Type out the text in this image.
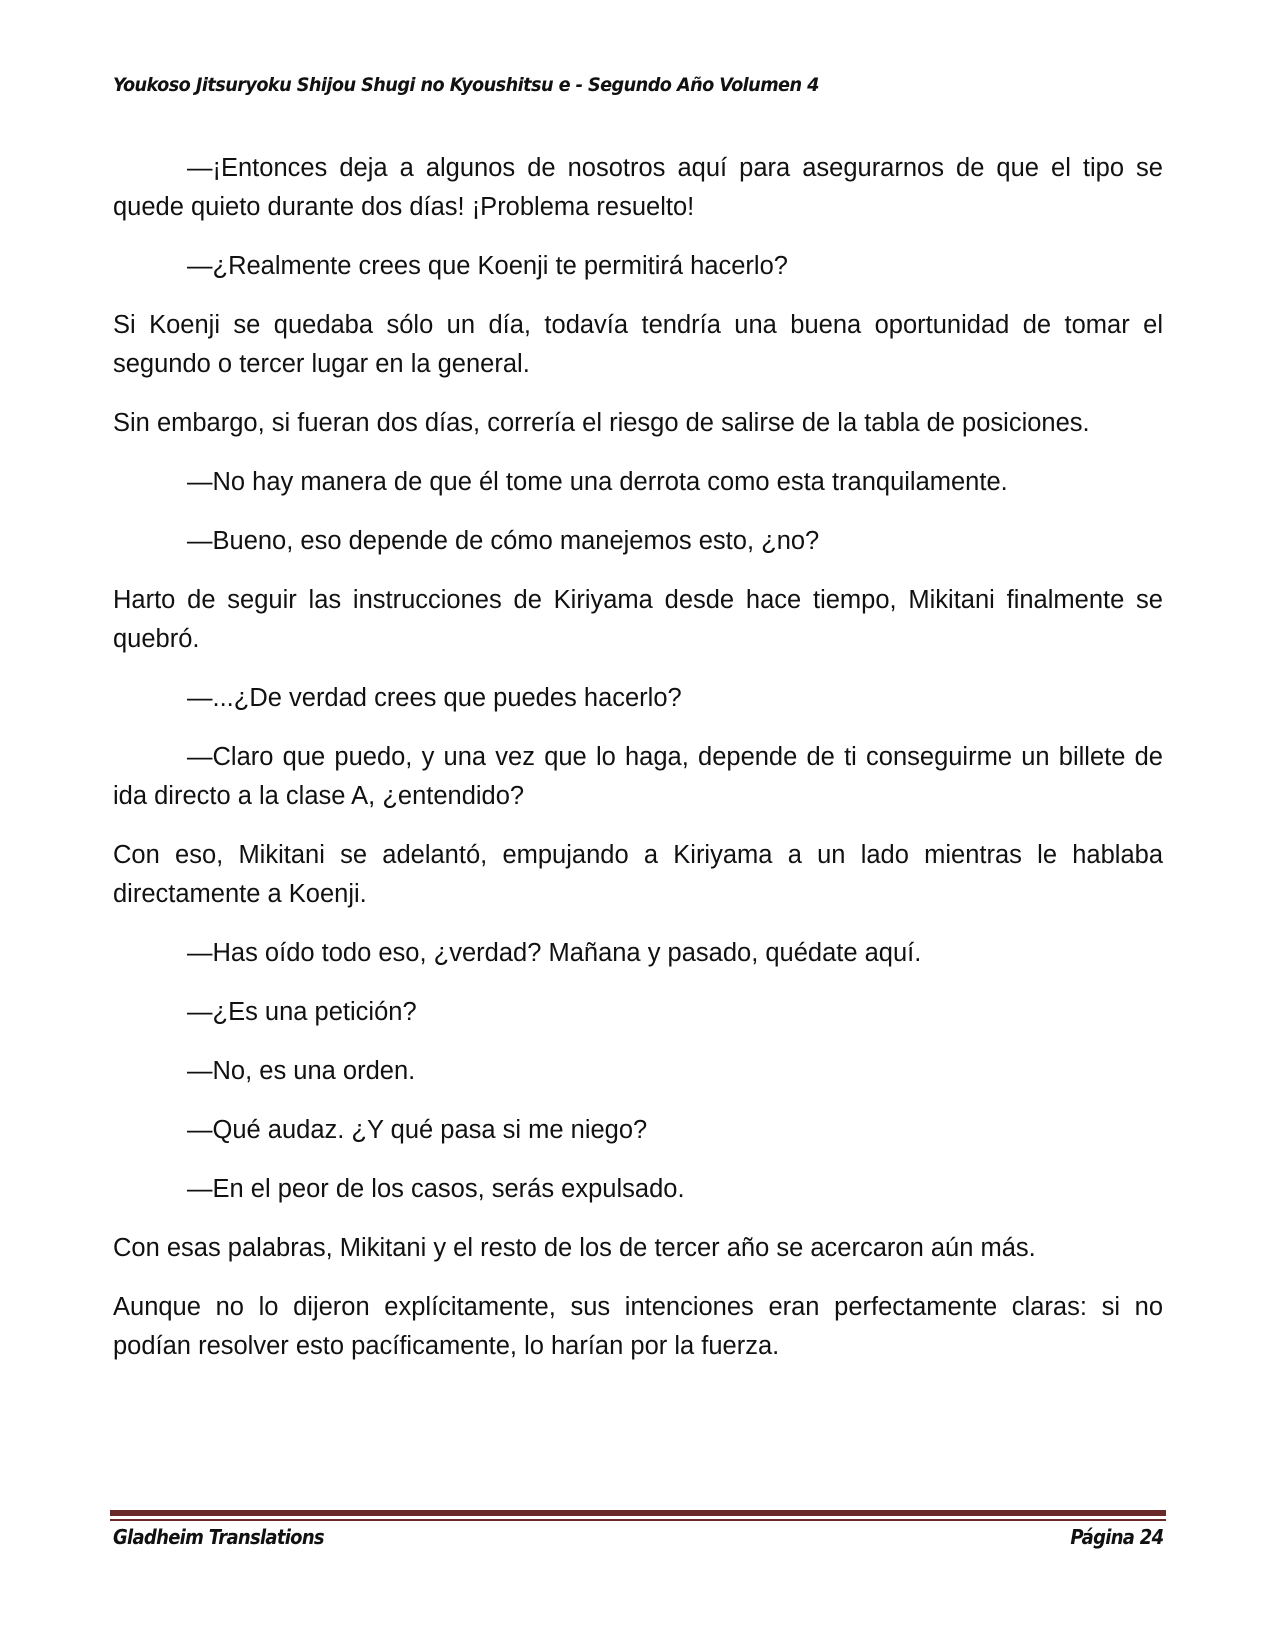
Youkoso Jitsuryoku Shijou Shugi no Kyoushitsu e - Segundo Año Volumen 4

—¡Entonces deja a algunos de nosotros aquí para asegurarnos de que el tipo se quede quieto durante dos días! ¡Problema resuelto!

—¿Realmente crees que Koenji te permitirá hacerlo?

Si Koenji se quedaba sólo un día, todavía tendría una buena oportunidad de tomar el segundo o tercer lugar en la general.

Sin embargo, si fueran dos días, correría el riesgo de salirse de la tabla de posiciones.

—No hay manera de que él tome una derrota como esta tranquilamente.

—Bueno, eso depende de cómo manejemos esto, ¿no?

Harto de seguir las instrucciones de Kiriyama desde hace tiempo, Mikitani finalmente se quebró.

—...¿De verdad crees que puedes hacerlo?

—Claro que puedo, y una vez que lo haga, depende de ti conseguirme un billete de ida directo a la clase A, ¿entendido?

Con eso, Mikitani se adelantó, empujando a Kiriyama a un lado mientras le hablaba directamente a Koenji.

—Has oído todo eso, ¿verdad? Mañana y pasado, quédate aquí.

—¿Es una petición?

—No, es una orden.

—Qué audaz. ¿Y qué pasa si me niego?

—En el peor de los casos, serás expulsado.

Con esas palabras, Mikitani y el resto de los de tercer año se acercaron aún más.

Aunque no lo dijeron explícitamente, sus intenciones eran perfectamente claras: si no podían resolver esto pacíficamente, lo harían por la fuerza.

Gladheim Translations	Página 24
